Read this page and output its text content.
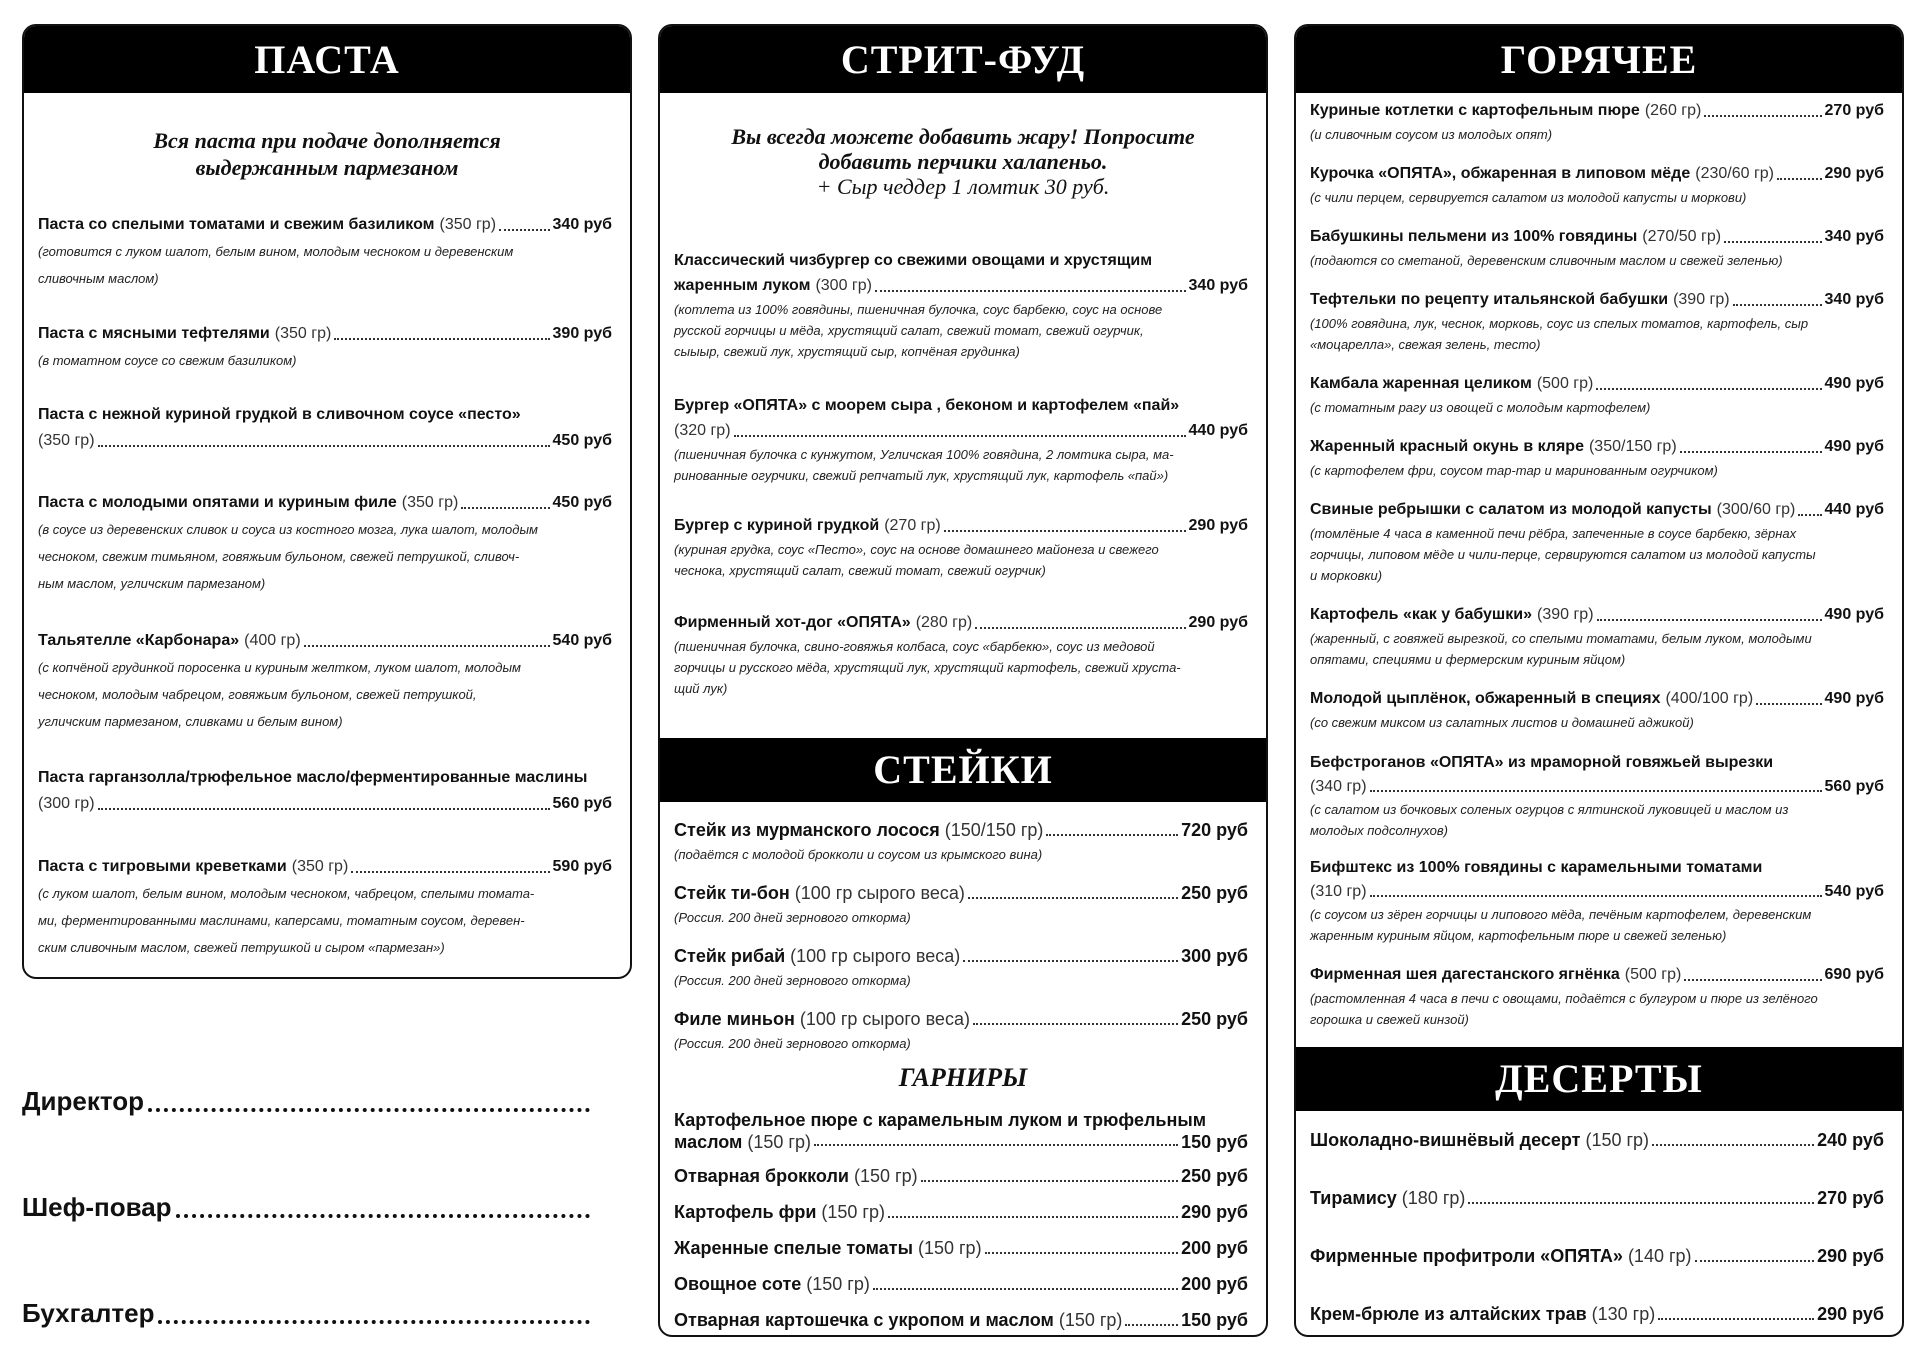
ПАСТА
Вся паста при подаче дополняется
выдержанным пармезаном
Паста со спелыми томатами и свежим базиликом (350 гр)	340 руб
(готовится с луком шалот, белым вином, молодым чесноком и деревенским
сливочным маслом)
Паста с мясными тефтелями (350 гр)	390 руб
(в томатном соусе со свежим базиликом)
Паста с нежной куриной грудкой в сливочном соусе «песто»
(350 гр)	450 руб
Паста с молодыми опятами и куриным филе (350 гр)	450 руб
(в соусе из деревенских сливок и соуса из костного мозга, лука шалот, молодым
чесноком, свежим тимьяном, говяжьим бульоном, свежей петрушкой, сливоч-
ным маслом, угличским пармезаном)
Тальятелле «Карбонара» (400 гр)	540 руб
(с копчёной грудинкой поросенка и куриным желтком, луком шалот, молодым
чесноком, молодым чабрецом, говяжьим бульоном, свежей петрушкой,
угличским пармезаном, сливками и белым вином)
Паста гарганзолла/трюфельное масло/ферментированные маслины
(300 гр)	560 руб
Паста с тигровыми креветками (350 гр)	590 руб
(с луком шалот, белым вином, молодым чесноком, чабрецом, спелыми томата-
ми, ферментированными маслинами, каперсами, томатным соусом, деревен-
ским сливочным маслом, свежей петрушкой и сыром «пармезан»)
Директор
Шеф-повар
Бухгалтер
СТРИТ-ФУД
Вы всегда можете добавить жару! Попросите
добавить перчики халапеньо.
+ Сыр чеддер 1 ломтик 30 руб.
Классический чизбургер со свежими овощами и хрустящим
жаренным луком (300 гр)	340 руб
(котлета из 100% говядины, пшеничная булочка, соус барбекю, соус на основе
русской горчицы и мёда, хрустящий салат, свежий томат, свежий огурчик,
сыыыр, свежий лук, хрустящий сыр, копчёная грудинка)
Бургер «ОПЯТА» с моорем сыра , беконом и картофелем «пай»
(320 гр)	440 руб
(пшеничная булочка с кунжутом, Угличская 100% говядина, 2 ломтика сыра, ма-
ринованные огурчики, свежий репчатый лук, хрустящий лук, картофель «пай»)
Бургер с куриной грудкой (270 гр)	290 руб
(куриная грудка, соус «Песто», соус на основе домашнего майонеза и свежего
чеснока, хрустящий салат, свежий томат, свежий огурчик)
Фирменный хот-дог «ОПЯТА» (280 гр)	290 руб
(пшеничная булочка, свино-говяжья колбаса, соус «барбекю», соус из медовой
горчицы и русского мёда, хрустящий лук, хрустящий картофель, свежий хруста-
щий лук)
СТЕЙКИ
Стейк из мурманского лосося (150/150 гр)	720 руб
(подаётся с молодой брокколи и соусом из крымского вина)
Стейк ти-бон (100 гр сырого веса)	250 руб
(Россия. 200 дней зернового откорма)
Стейк рибай (100 гр сырого веса)	300 руб
(Россия. 200 дней зернового откорма)
Филе миньон (100 гр сырого веса)	250 руб
(Россия. 200 дней зернового откорма)
ГАРНИРЫ
Картофельное пюре с карамельным луком и трюфельным
маслом (150 гр)	150 руб
Отварная брокколи (150 гр)	250 руб
Картофель фри (150 гр)	290 руб
Жаренные спелые томаты (150 гр)	200 руб
Овощное соте (150 гр)	200 руб
Отварная картошечка с укропом и маслом (150 гр)	150 руб
ГОРЯЧЕЕ
Куриные котлетки с картофельным пюре (260 гр)	270 руб
(и сливочным соусом из молодых опят)
Курочка «ОПЯТА», обжаренная в липовом мёде (230/60 гр)	290 руб
(с чили перцем, сервируется салатом из молодой капусты и моркови)
Бабушкины пельмени из 100% говядины (270/50 гр)	340 руб
(подаются со сметаной, деревенским сливочным маслом и свежей зеленью)
Тефтельки по рецепту итальянской бабушки (390 гр)	340 руб
(100% говядина, лук, чеснок, морковь, соус из спелых томатов, картофель, сыр
«моцарелла», свежая зелень, тесто)
Камбала жаренная целиком (500 гр)	490 руб
(с томатным рагу из овощей с молодым картофелем)
Жаренный красный окунь в кляре (350/150 гр)	490 руб
(с картофелем фри, соусом тар-тар и маринованным огурчиком)
Свиные ребрышки с салатом из молодой капусты (300/60 гр) 440 руб
(томлёные 4 часа в каменной печи рёбра, запеченные в соусе барбекю, зёрнах
горчицы, липовом мёде и чили-перце, сервируются салатом из молодой капусты
и морковки)
Картофель «как у бабушки» (390 гр)	490 руб
(жаренный, с говяжей вырезкой, со спелыми томатами, белым луком, молодыми
опятами, специями и фермерским куриным яйцом)
Молодой цыплёнок, обжаренный в специях (400/100 гр)	490 руб
(со свежим миксом из салатных листов и домашней аджикой)
Бефстроганов «ОПЯТА» из мраморной говяжьей вырезки
(340 гр)	560 руб
(с салатом из бочковых соленых огурцов с ялтинской луковицей и маслом из
молодых подсолнухов)
Бифштекс из 100% говядины с карамельными томатами
(310 гр)	540 руб
(с соусом из зёрен горчицы и липового мёда, печёным картофелем, деревенским
жаренным куриным яйцом, картофельным пюре и свежей зеленью)
Фирменная шея дагестанского ягнёнка (500 гр)	690 руб
(растомленная 4 часа в печи с овощами, подаётся с булгуром и пюре из зелёного
горошка и свежей кинзой)
ДЕСЕРТЫ
Шоколадно-вишнёвый десерт (150 гр)	240 руб
Тирамису (180 гр)	270 руб
Фирменные профитроли «ОПЯТА» (140 гр)	290 руб
Крем-брюле из алтайских трав (130 гр)	290 руб
